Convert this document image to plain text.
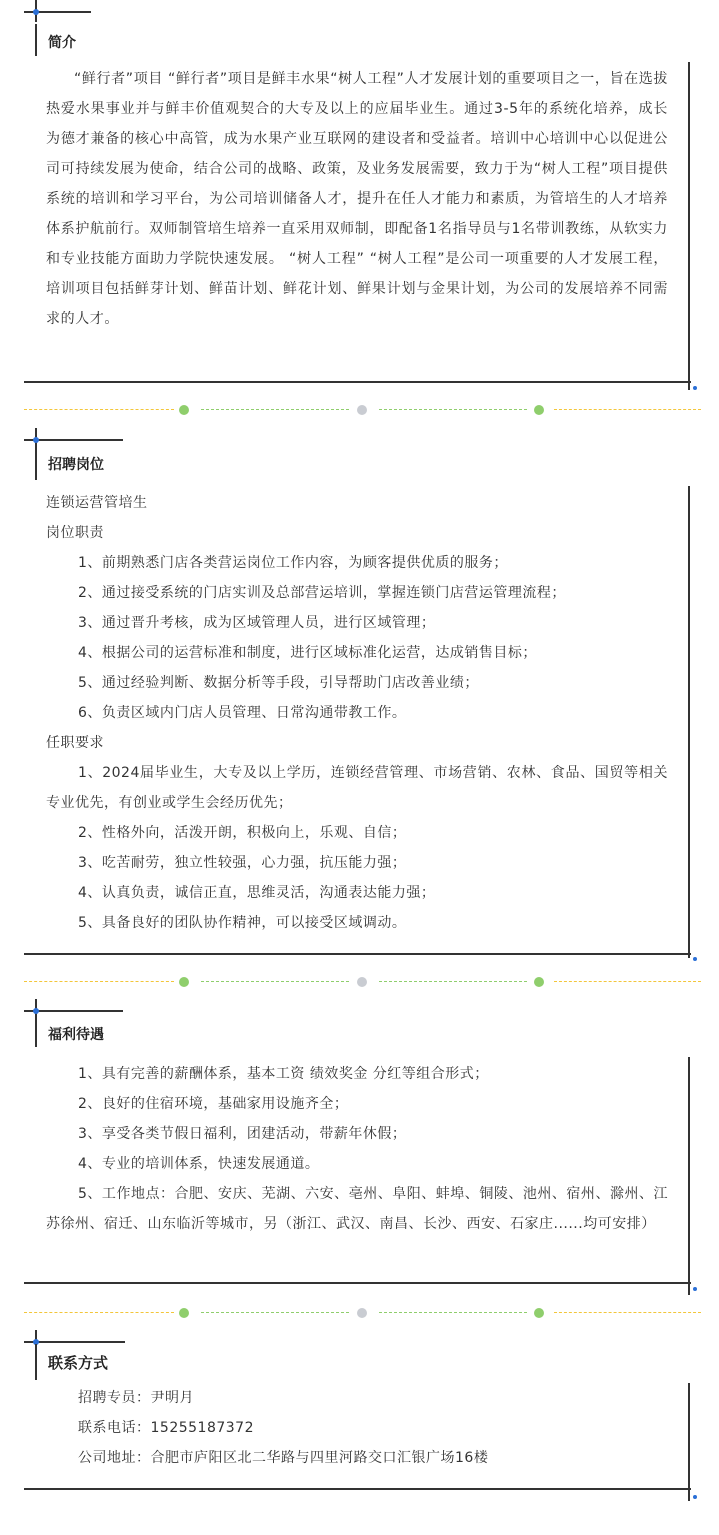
简介
“鲜行者”项目 “鲜行者”项目是鲜丰水果“树人工程”人才发展计划的重要项目之一，旨在选拔热爱水果事业并与鲜丰价值观契合的大专及以上的应届毕业生。通过3-5年的系统化培养，成长为德才兼备的核心中高管，成为水果产业互联网的建设者和受益者。培训中心培训中心以促进公司可持续发展为使命，结合公司的战略、政策，及业务发展需要，致力于为“树人工程”项目提供系统的培训和学习平台，为公司培训储备人才，提升在任人才能力和素质，为管培生的人才培养体系护航前行。双师制管培生培养一直采用双师制，即配备1名指导员与1名带训教练，从软实力和专业技能方面助力学院快速发展。 “树人工程” “树人工程”是公司一项重要的人才发展工程，培训项目包括鲜芽计划、鲜苗计划、鲜花计划、鲜果计划与金果计划，为公司的发展培养不同需求的人才。
招聘岗位
连锁运营管培生
岗位职责
1、前期熟悉门店各类营运岗位工作内容，为顾客提供优质的服务；
2、通过接受系统的门店实训及总部营运培训，掌握连锁门店营运管理流程；
3、通过晋升考核，成为区域管理人员，进行区域管理；
4、根据公司的运营标准和制度，进行区域标准化运营，达成销售目标；
5、通过经验判断、数据分析等手段，引导帮助门店改善业绩；
6、负责区域内门店人员管理、日常沟通带教工作。
任职要求
1、2024届毕业生，大专及以上学历，连锁经营管理、市场营销、农林、食品、国贸等相关专业优先，有创业或学生会经历优先；
2、性格外向，活泼开朗，积极向上，乐观、自信；
3、吃苦耐劳，独立性较强，心力强，抗压能力强；
4、认真负责，诚信正直，思维灵活，沟通表达能力强；
5、具备良好的团队协作精神，可以接受区域调动。
福利待遇
1、具有完善的薪酬体系，基本工资 绩效奖金 分红等组合形式；
2、良好的住宿环境，基础家用设施齐全；
3、享受各类节假日福利，团建活动，带薪年休假；
4、专业的培训体系，快速发展通道。
5、工作地点：合肥、安庆、芜湖、六安、亳州、阜阳、蚌埠、铜陵、池州、宿州、滁州、江苏徐州、宿迁、山东临沂等城市，另（浙江、武汉、南昌、长沙、西安、石家庄......均可安排）
联系方式
招聘专员：尹明月
联系电话：15255187372
公司地址：合肥市庐阳区北二华路与四里河路交口汇银广场16楼
